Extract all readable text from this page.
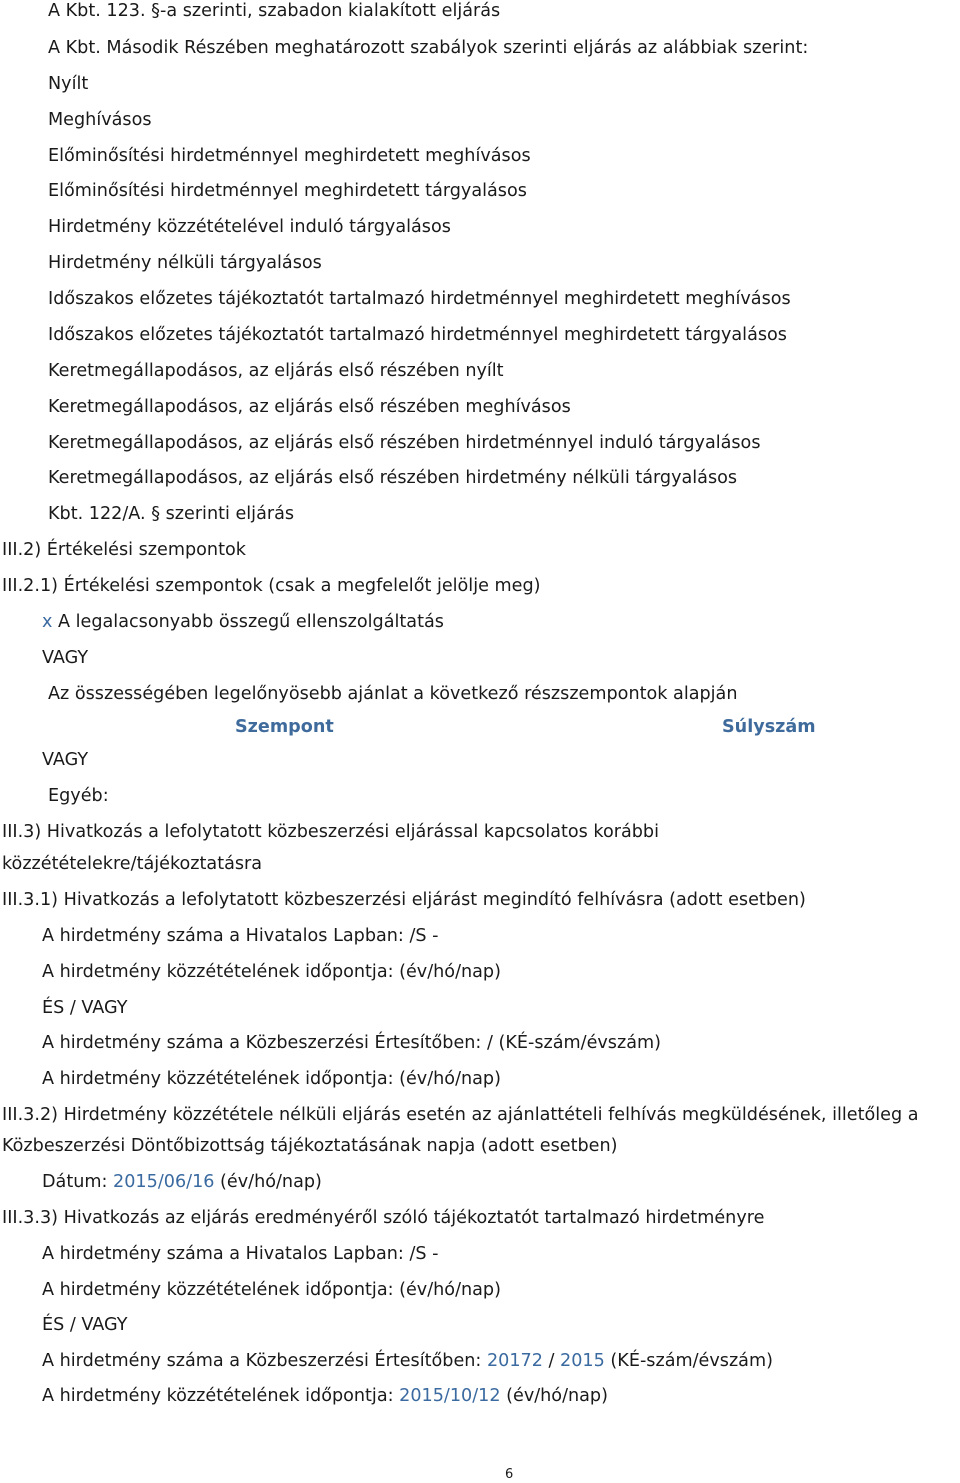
A Kbt. 123. §-a szerinti, szabadon kialakított eljárás
A Kbt. Második Részében meghatározott szabályok szerinti eljárás az alábbiak szerint:
Nyílt
Meghívásos
Előminősítési hirdetménnyel meghirdetett meghívásos
Előminősítési hirdetménnyel meghirdetett tárgyalásos
Hirdetmény közzétételével induló tárgyalásos
Hirdetmény nélküli tárgyalásos
Időszakos előzetes tájékoztatót tartalmazó hirdetménnyel meghirdetett meghívásos
Időszakos előzetes tájékoztatót tartalmazó hirdetménnyel meghirdetett tárgyalásos
Keretmegállapodásos, az eljárás első részében nyílt
Keretmegállapodásos, az eljárás első részében meghívásos
Keretmegállapodásos, az eljárás első részében hirdetménnyel induló tárgyalásos
Keretmegállapodásos, az eljárás első részében hirdetmény nélküli tárgyalásos
Kbt. 122/A. § szerinti eljárás
III.2) Értékelési szempontok
III.2.1) Értékelési szempontok (csak a megfelelőt jelölje meg)
x A legalacsonyabb összegű ellenszolgáltatás
VAGY
Az összességében legelőnyösebb ajánlat a következő részszempontok alapján
Szempont	Súlyszám
VAGY
Egyéb:
III.3) Hivatkozás a lefolytatott közbeszerzési eljárással kapcsolatos korábbi
közzétételekre/tájékoztatásra
III.3.1) Hivatkozás a lefolytatott közbeszerzési eljárást megindító felhívásra (adott esetben)
A hirdetmény száma a Hivatalos Lapban: /S -
A hirdetmény közzétételének időpontja: (év/hó/nap)
ÉS / VAGY
A hirdetmény száma a Közbeszerzési Értesítőben: / (KÉ-szám/évszám)
A hirdetmény közzétételének időpontja: (év/hó/nap)
III.3.2) Hirdetmény közzététele nélküli eljárás esetén az ajánlattételi felhívás megküldésének, illetőleg a
Közbeszerzési Döntőbizottság tájékoztatásának napja (adott esetben)
Dátum: 2015/06/16 (év/hó/nap)
III.3.3) Hivatkozás az eljárás eredményéről szóló tájékoztatót tartalmazó hirdetményre
A hirdetmény száma a Hivatalos Lapban: /S -
A hirdetmény közzétételének időpontja: (év/hó/nap)
ÉS / VAGY
A hirdetmény száma a Közbeszerzési Értesítőben: 20172 / 2015 (KÉ-szám/évszám)
A hirdetmény közzétételének időpontja: 2015/10/12 (év/hó/nap)
6
